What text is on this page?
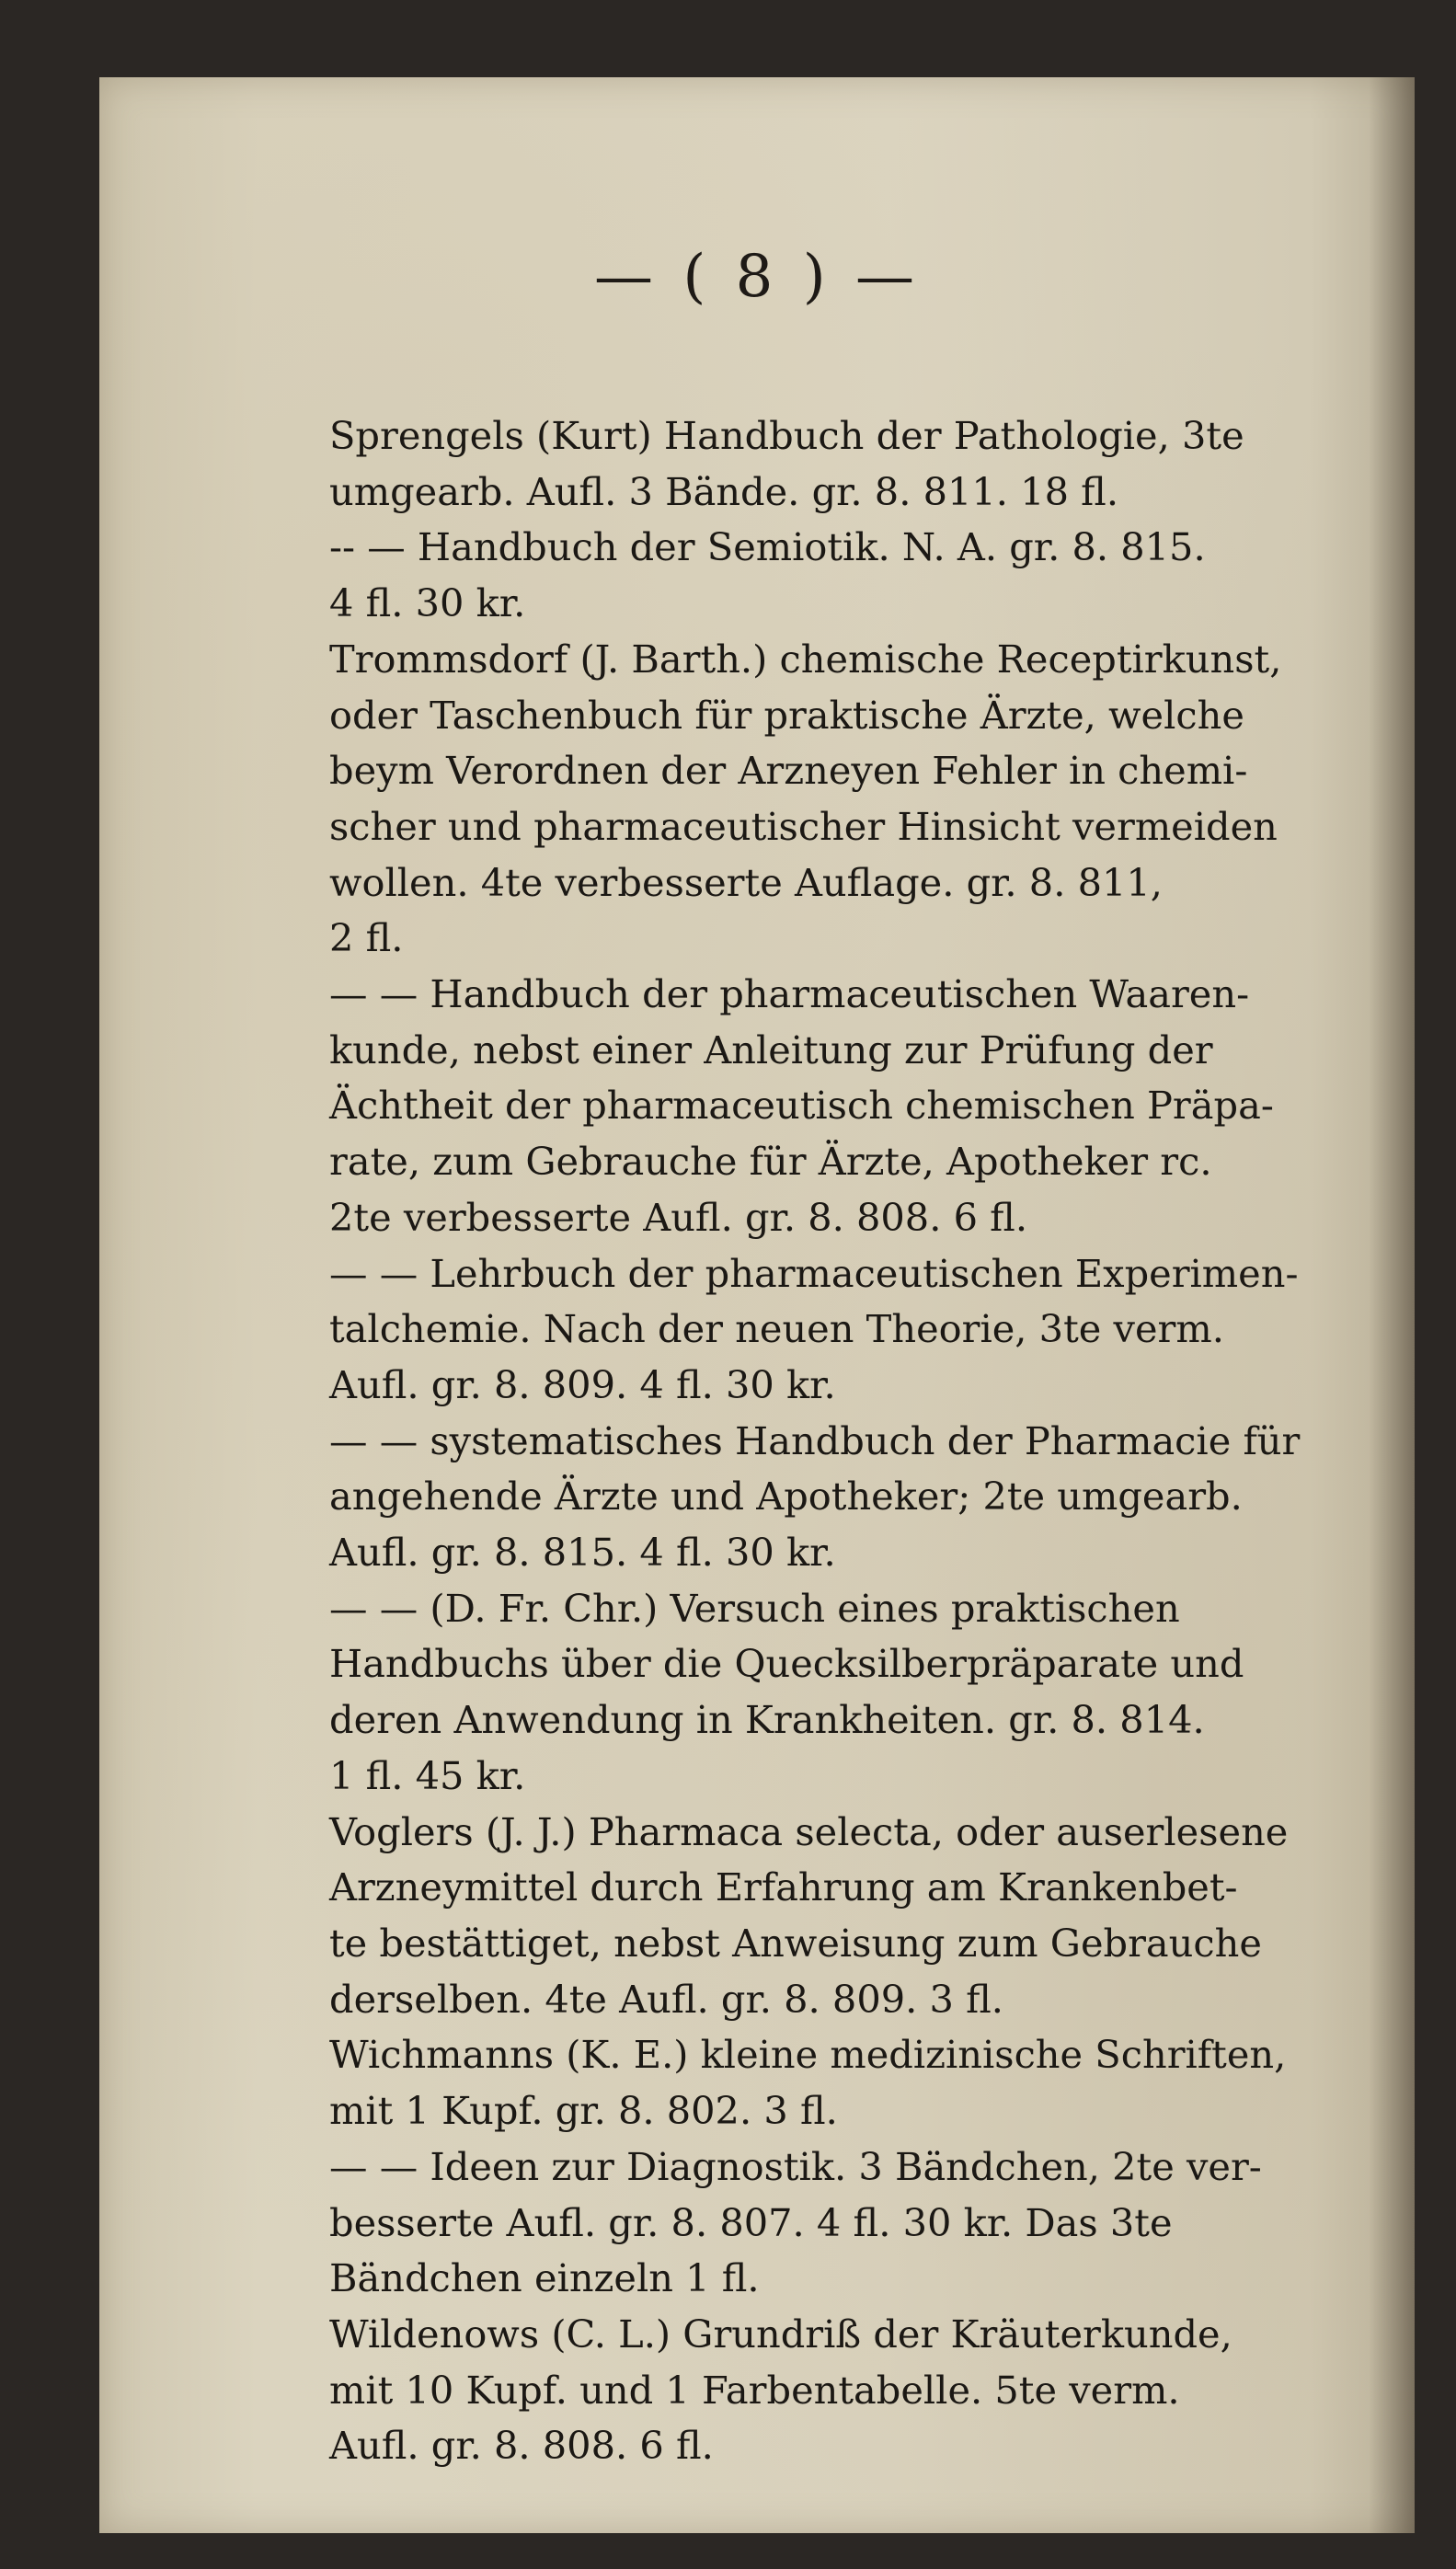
— ( 8 ) —
Sprengels (Kurt) Handbuch der Pathologie, 3te
umgearb. Aufl. 3 Bände. gr. 8. 811. 18 fl.
-- — Handbuch der Semiotik. N. A. gr. 8. 815.
4 fl. 30 kr.
Trommsdorf (J. Barth.) chemische Receptirkunst,
oder Taschenbuch für praktische Ärzte, welche
beym Verordnen der Arzneyen Fehler in chemi-
scher und pharmaceutischer Hinsicht vermeiden
wollen. 4te verbesserte Auflage. gr. 8. 811,
2 fl.
— — Handbuch der pharmaceutischen Waaren-
kunde, nebst einer Anleitung zur Prüfung der
Ächtheit der pharmaceutisch chemischen Präpa-
rate, zum Gebrauche für Ärzte, Apotheker rc.
2te verbesserte Aufl. gr. 8. 808. 6 fl.
— — Lehrbuch der pharmaceutischen Experimen-
talchemie. Nach der neuen Theorie, 3te verm.
Aufl. gr. 8. 809. 4 fl. 30 kr.
— — systematisches Handbuch der Pharmacie für
angehende Ärzte und Apotheker; 2te umgearb.
Aufl. gr. 8. 815. 4 fl. 30 kr.
— — (D. Fr. Chr.) Versuch eines praktischen
Handbuchs über die Quecksilberpräparate und
deren Anwendung in Krankheiten. gr. 8. 814.
1 fl. 45 kr.
Voglers (J. J.) Pharmaca selecta, oder auserlesene
Arzneymittel durch Erfahrung am Krankenbet-
te bestättiget, nebst Anweisung zum Gebrauche
derselben. 4te Aufl. gr. 8. 809. 3 fl.
Wichmanns (K. E.) kleine medizinische Schriften,
mit 1 Kupf. gr. 8. 802. 3 fl.
— — Ideen zur Diagnostik. 3 Bändchen, 2te ver-
besserte Aufl. gr. 8. 807. 4 fl. 30 kr. Das 3te
Bändchen einzeln 1 fl.
Wildenows (C. L.) Grundriß der Kräuterkunde,
mit 10 Kupf. und 1 Farbentabelle. 5te verm.
Aufl. gr. 8. 808. 6 fl.
